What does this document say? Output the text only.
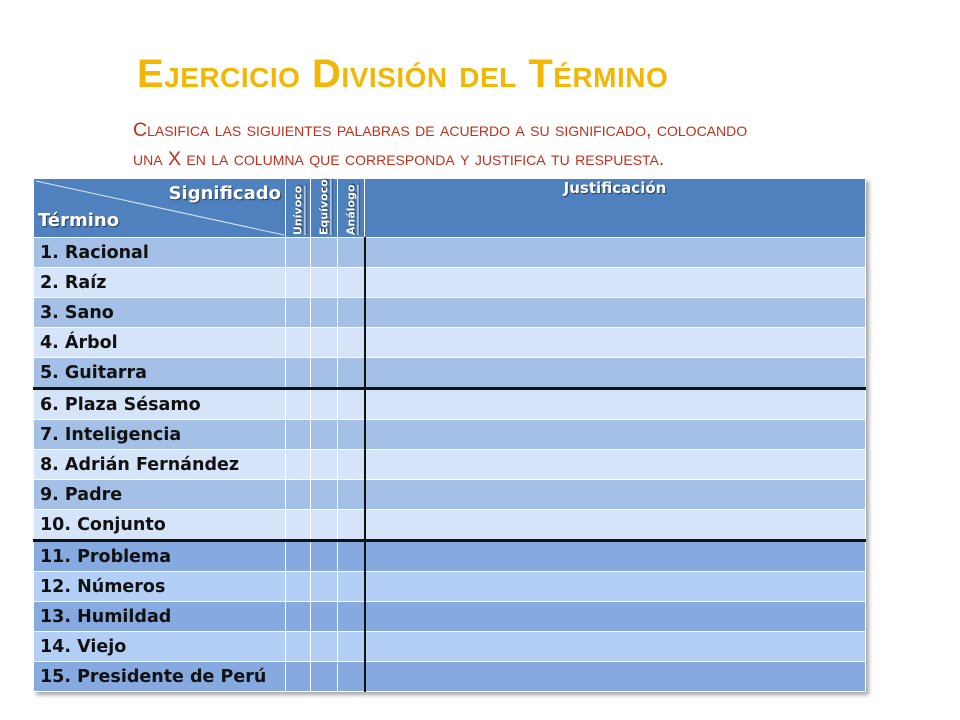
Ejercicio División del Término
Clasifica las siguientes palabras de acuerdo a su significado, colocando
una X en la columna que corresponda y justifica tu respuesta.
Significado
Término	Unívoco	Equívoco	Análogo	Justificación
1. Racional				
2. Raíz				
3. Sano				
4. Árbol				
5. Guitarra				
6. Plaza Sésamo				
7. Inteligencia				
8. Adrián Fernández				
9. Padre				
10. Conjunto				
11. Problema				
12. Números				
13. Humildad				
14. Viejo				
15. Presidente de Perú				
